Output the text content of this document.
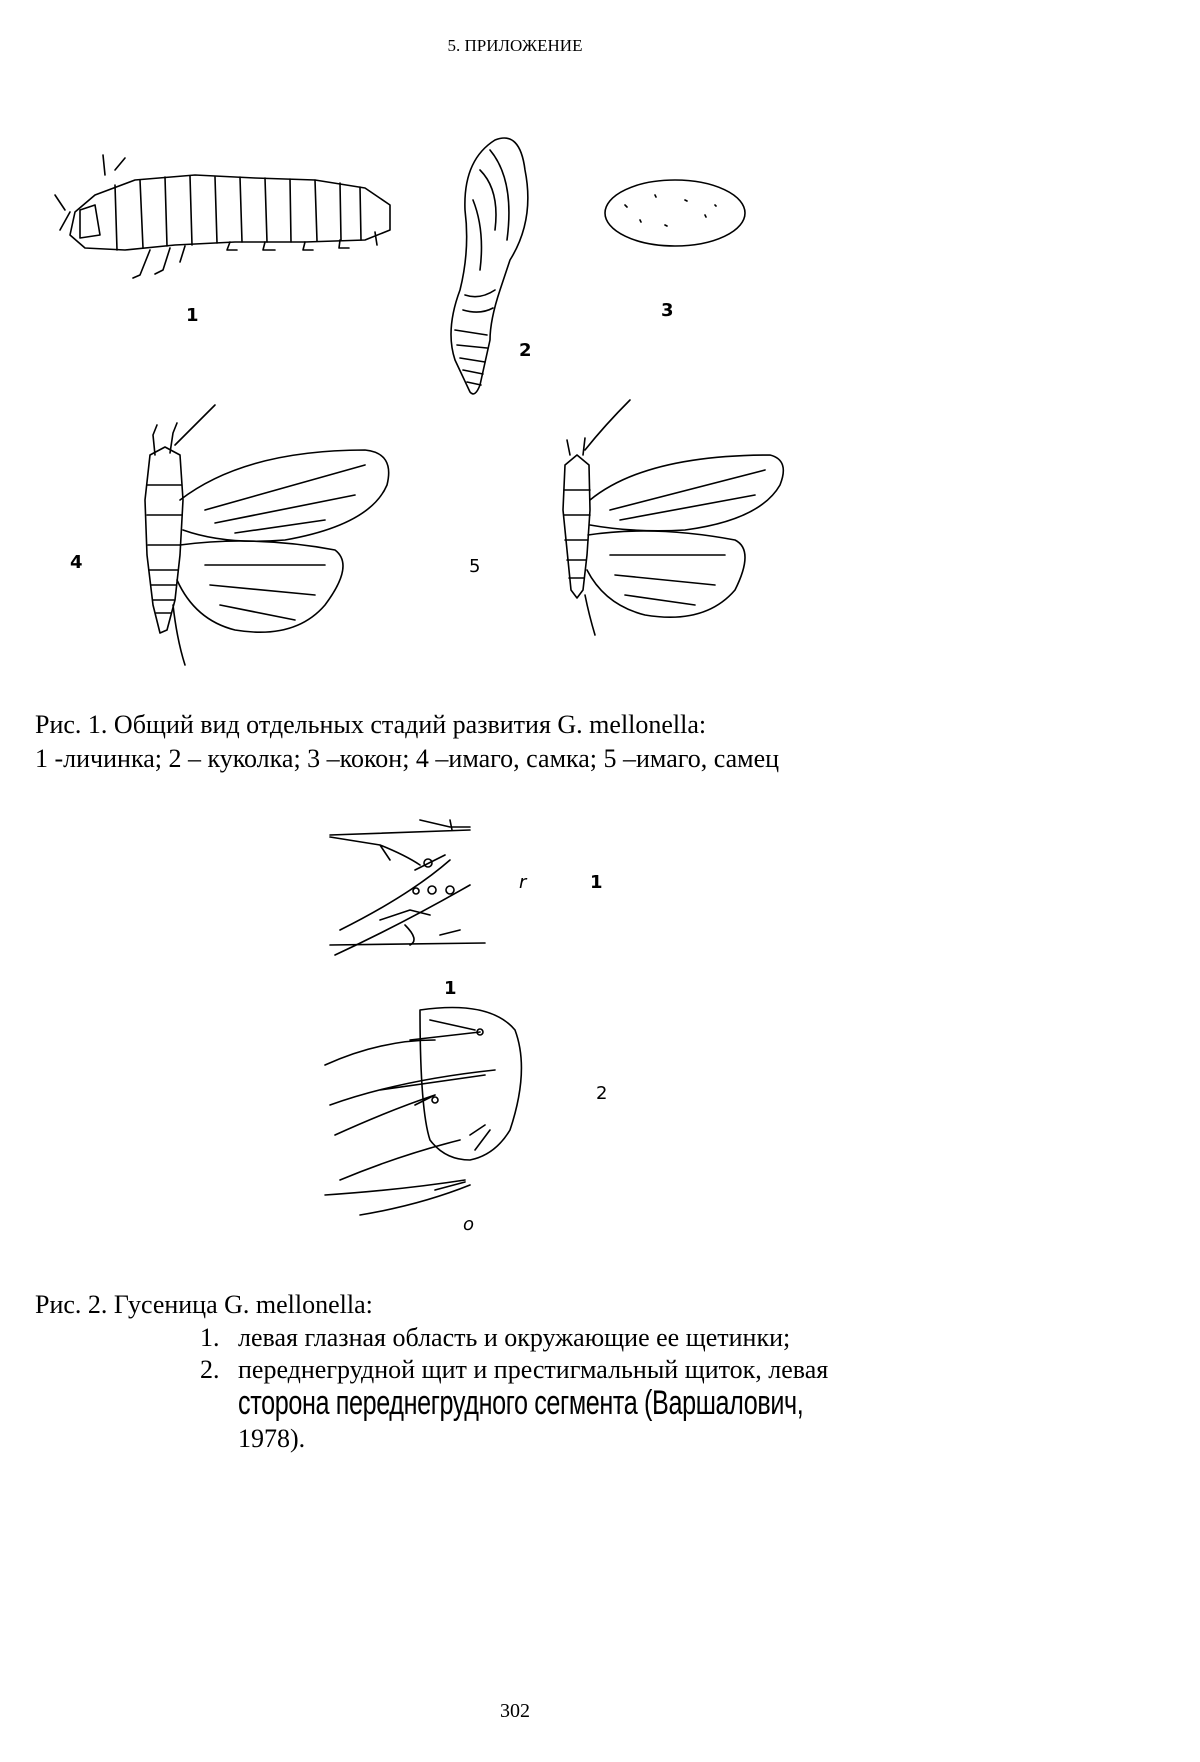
5. ПРИЛОЖЕНИЕ
1
2
3
4	5
Рис. 1. Общий вид отдельных стадий развития G. mellonella:
1 -личинка; 2 – куколка; 3 –кокон; 4 –имаго, самка; 5 –имаго, самец
r	1
1
2
o
Рис. 2. Гусеница G. mellonella:
1. левая глазная область и окружающие ее щетинки;
2. переднегрудной щит и престигмальный щиток, левая
сторона переднегрудного сегмента (Варшалович,
1978).
302
